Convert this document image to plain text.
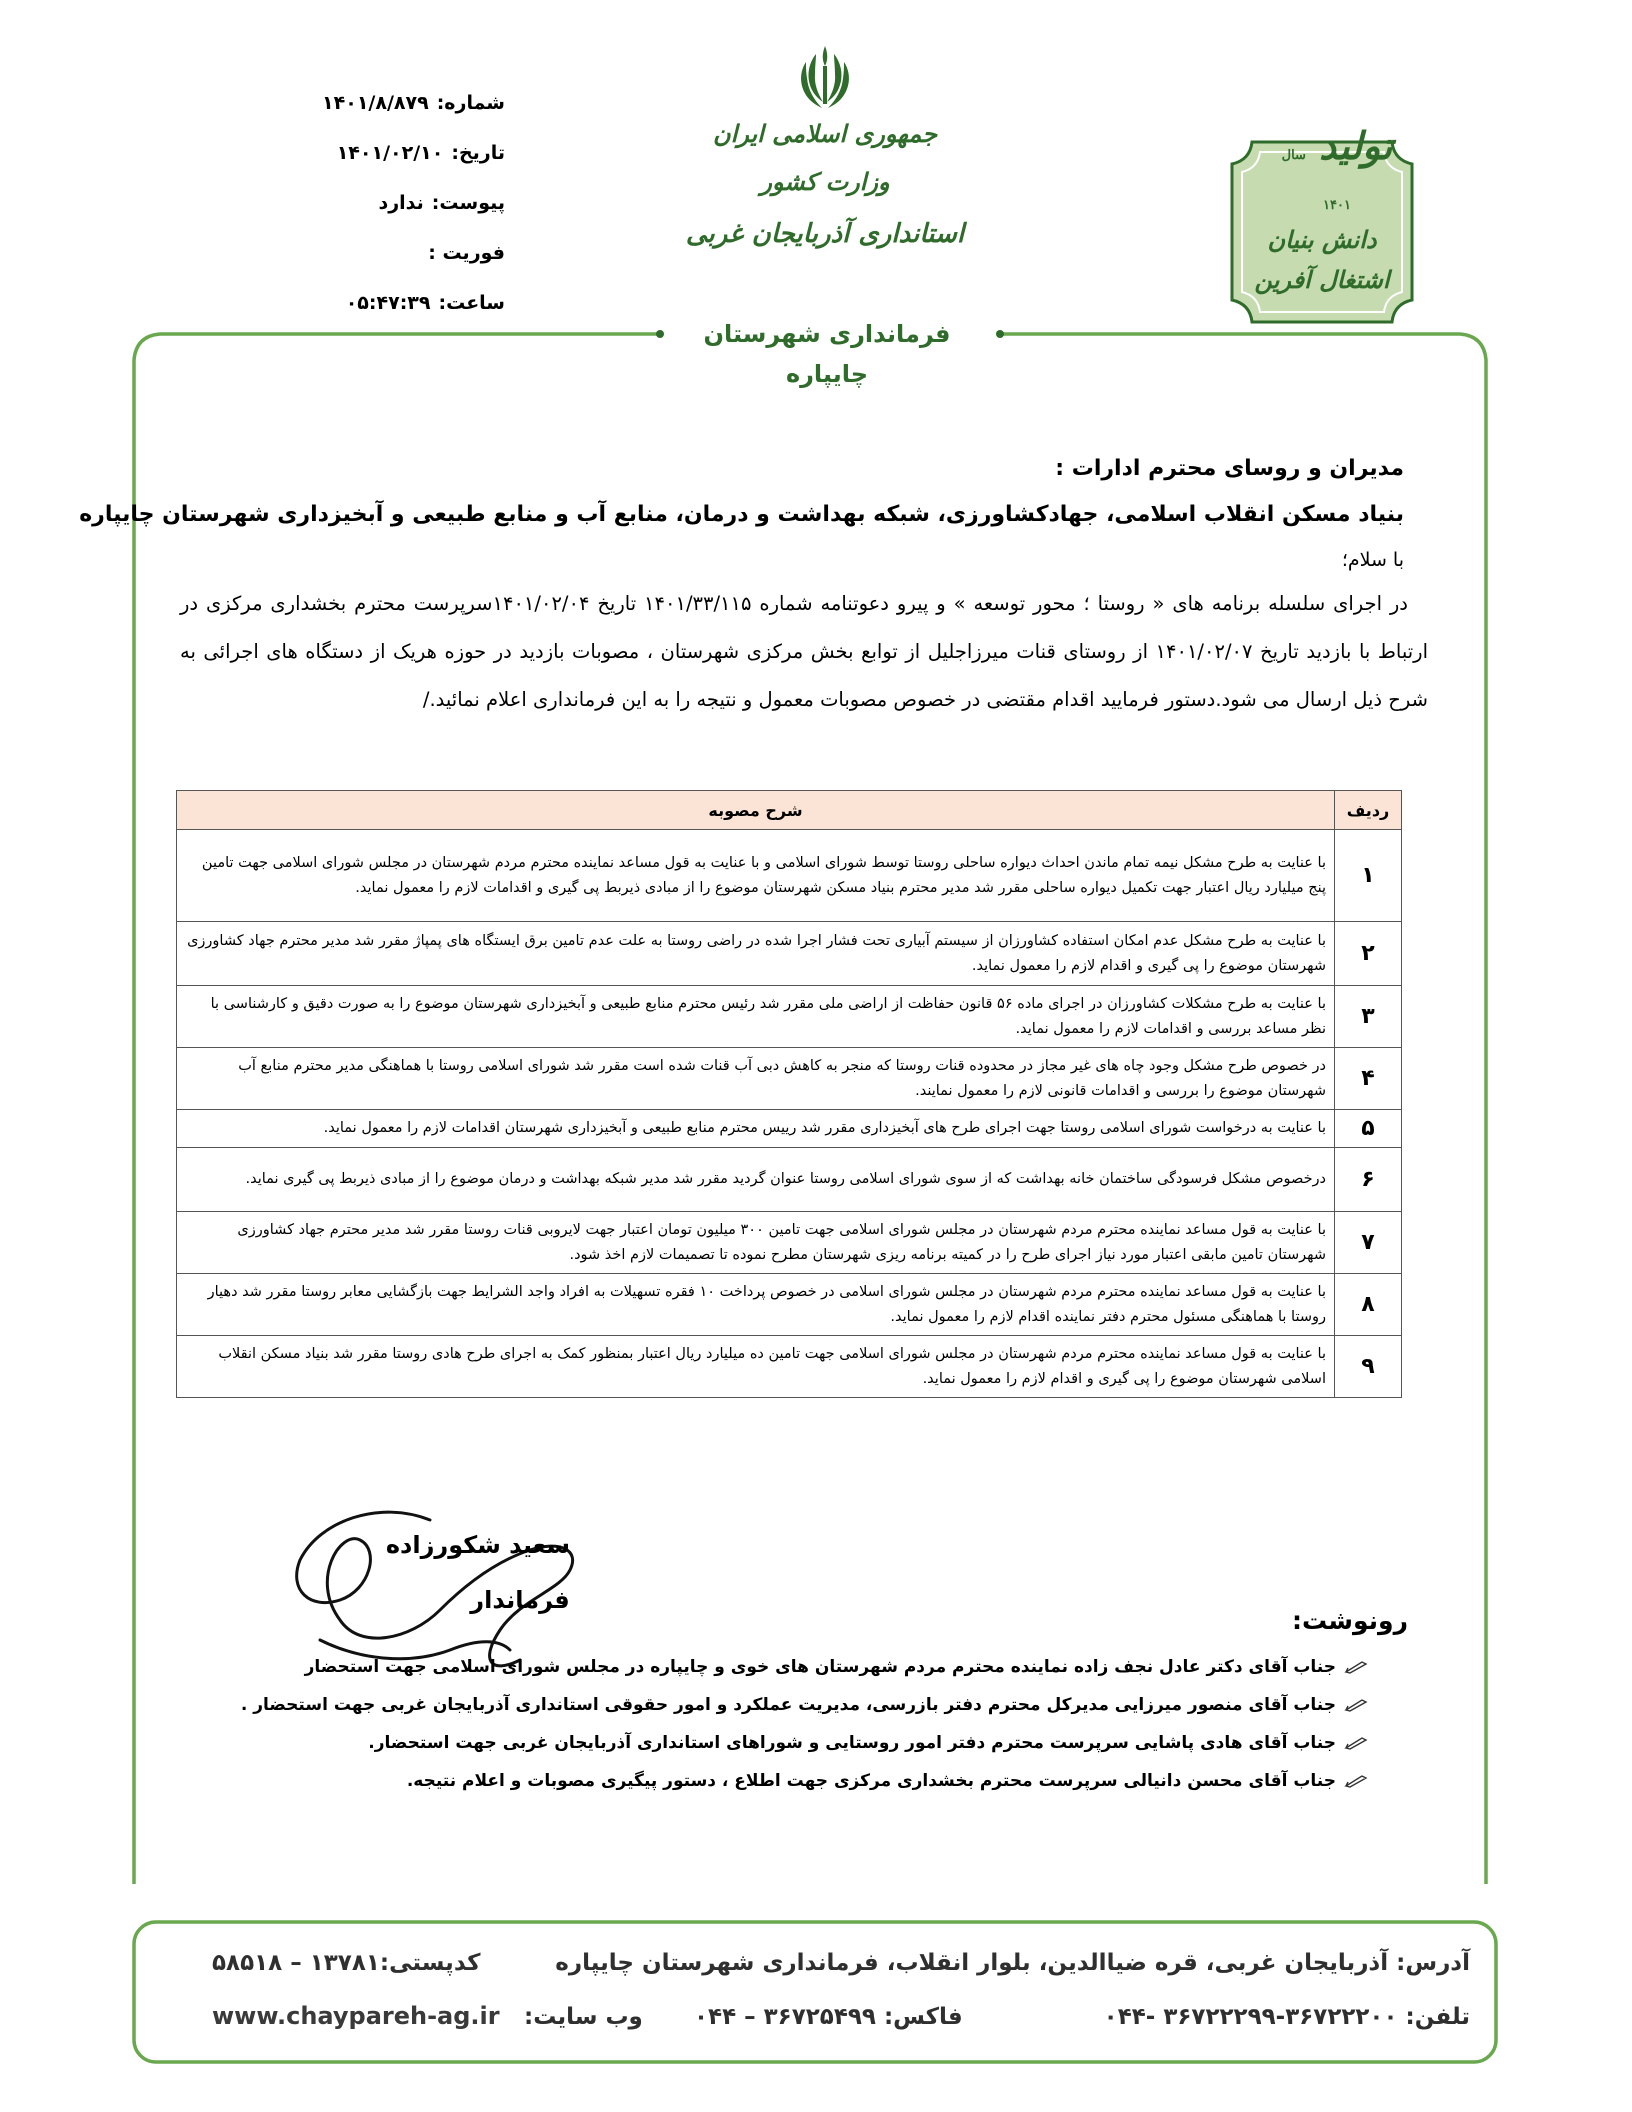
شماره:
۱۴۰۱/۸/۸۷۹
تاریخ:
۱۴۰۱/۰۲/۱۰
پیوست:
ندارد
فوریت :
ساعت:
۰۵:۴۷:۳۹
جمهوری اسلامی ایران
وزارت کشور
استانداری آذربایجان غربی
تولید سال ۱۴۰۱
دانش بنیان
اشتغال آفرین
فرمانداری شهرستان چایپاره
مدیران و روسای محترم ادارات :
بنیاد مسکن انقلاب اسلامی، جهادکشاورزی، شبکه بهداشت و درمان، منابع آب و منابع طبیعی و آبخیزداری شهرستان چایپاره
با سلام؛
در اجرای سلسله برنامه های « روستا ؛ محور توسعه » و پیرو دعوتنامه شماره ۱۴۰۱/۳۳/۱۱۵ تاریخ ۱۴۰۱/۰۲/۰۴سرپرست محترم بخشداری مرکزی در ارتباط با بازدید تاریخ ۱۴۰۱/۰۲/۰۷ از روستای قنات میرزاجلیل از توابع بخش مرکزی شهرستان ، مصوبات بازدید در حوزه هریک از دستگاه های اجرائی به شرح ذیل ارسال می شود.دستور فرمایید اقدام مقتضی در خصوص مصوبات معمول و نتیجه را به این فرمانداری اعلام نمائید./
ردیف	شرح مصوبه
۱	با عنایت به طرح مشکل نیمه تمام ماندن احداث دیواره ساحلی روستا توسط شورای اسلامی و با عنایت به قول مساعد نماینده محترم مردم شهرستان در مجلس شورای اسلامی جهت تامین پنج میلیارد ریال اعتبار جهت تکمیل دیواره ساحلی مقرر شد مدیر محترم بنیاد مسکن شهرستان موضوع را از مبادی ذیربط پی گیری و اقدامات لازم را معمول نماید.
۲	با عنایت به طرح مشکل عدم امکان استفاده کشاورزان از سیستم آبیاری تحت فشار اجرا شده در راضی روستا به علت عدم تامین برق ایستگاه های پمپاژ مقرر شد مدیر محترم جهاد کشاورزی شهرستان موضوع را پی گیری و اقدام لازم را معمول نماید.
۳	با عنایت به طرح مشکلات کشاورزان در اجرای ماده ۵۶ قانون حفاظت از اراضی ملی مقرر شد رئیس محترم منابع طبیعی و آبخیزداری شهرستان موضوع را به صورت دقیق و کارشناسی با نظر مساعد بررسی و اقدامات لازم را معمول نماید.
۴	در خصوص طرح مشکل وجود چاه های غیر مجاز در محدوده قنات روستا که منجر به کاهش دبی آب قنات شده است مقرر شد شورای اسلامی روستا با هماهنگی مدیر محترم منابع آب شهرستان موضوع را بررسی و اقدامات قانونی لازم را معمول نمایند.
۵	با عنایت به درخواست شورای اسلامی روستا جهت اجرای طرح های آبخیزداری مقرر شد رییس محترم منابع طبیعی و آبخیزداری شهرستان اقدامات لازم را معمول نماید.
۶	درخصوص مشکل فرسودگی ساختمان خانه بهداشت که از سوی شورای اسلامی روستا عنوان گردید مقرر شد مدیر شبکه بهداشت و درمان موضوع را از مبادی ذیربط پی گیری نماید.
۷	با عنایت به قول مساعد نماینده محترم مردم شهرستان در مجلس شورای اسلامی جهت تامین ۳۰۰ میلیون تومان اعتبار جهت لایروبی قنات روستا مقرر شد مدیر محترم جهاد کشاورزی شهرستان تامین مابقی اعتبار مورد نیاز اجرای طرح را در کمیته برنامه ریزی شهرستان مطرح نموده تا تصمیمات لازم اخذ شود.
۸	با عنایت به قول مساعد نماینده محترم مردم شهرستان در مجلس شورای اسلامی در خصوص پرداخت ۱۰ فقره تسهیلات به افراد واجد الشرایط جهت بازگشایی معابر روستا مقرر شد دهیار روستا با هماهنگی مسئول محترم دفتر نماینده اقدام لازم را معمول نماید.
۹	با عنایت به قول مساعد نماینده محترم مردم شهرستان در مجلس شورای اسلامی جهت تامین ده میلیارد ریال اعتبار بمنظور کمک به اجرای طرح هادی روستا مقرر شد بنیاد مسکن انقلاب اسلامی شهرستان موضوع را پی گیری و اقدام لازم را معمول نماید.
سعید شکورزاده
فرماندار
رونوشت:
جناب آقای دکتر عادل نجف زاده نماینده محترم مردم شهرستان های خوی و چایپاره در مجلس شورای اسلامی جهت استحضار
جناب آقای منصور میرزایی مدیرکل محترم دفتر بازرسی، مدیریت عملکرد و امور حقوقی استانداری آذربایجان غربی جهت استحضار .
جناب آقای هادی پاشایی سرپرست محترم دفتر امور روستایی و شوراهای استانداری آذربایجان غربی جهت استحضار.
جناب آقای محسن دانیالی سرپرست محترم بخشداری مرکزی جهت اطلاع ، دستور پیگیری مصوبات و اعلام نتیجه.
آدرس: آذربایجان غربی، قره ضیاالدین، بلوار انقلاب، فرمانداری شهرستان چایپاره
کدپستی:۱۳۷۸۱ – ۵۸۵۱۸
تلفن: ۳۶۷۲۲۲۰۰-۳۶۷۲۲۲۹۹ -۰۴۴
فاکس: ۳۶۷۲۵۴۹۹ – ۰۴۴
وب سایت:
www.chaypareh-ag.ir
